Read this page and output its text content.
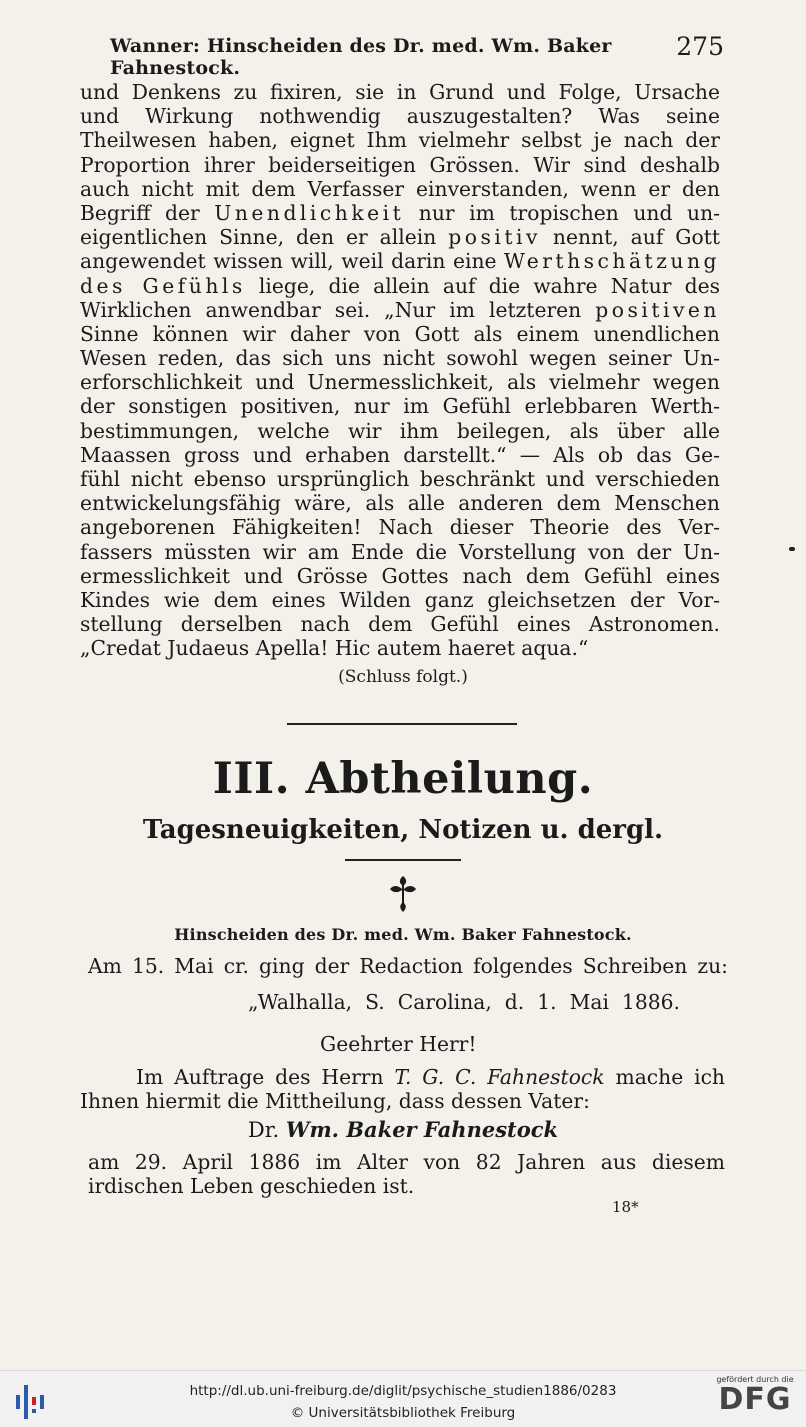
Wanner: Hinscheiden des Dr. med. Wm. Baker Fahnestock.
275
und Denkens zu fixiren, sie in Grund und Folge, Ursache
und Wirkung nothwendig auszugestalten? Was seine
Theilwesen haben, eignet Ihm vielmehr selbst je nach der
Proportion ihrer beiderseitigen Grössen. Wir sind deshalb
auch nicht mit dem Verfasser einverstanden, wenn er den
Begriff der Unendlichkeit nur im tropischen und un-
eigentlichen Sinne, den er allein positiv nennt, auf Gott
angewendet wissen will, weil darin eine Werthschätzung
des Gefühls liege, die allein auf die wahre Natur des
Wirklichen anwendbar sei. „Nur im letzteren positiven
Sinne können wir daher von Gott als einem unendlichen
Wesen reden, das sich uns nicht sowohl wegen seiner Un-
erforschlichkeit und Unermesslichkeit, als vielmehr wegen
der sonstigen positiven, nur im Gefühl erlebbaren Werth-
bestimmungen, welche wir ihm beilegen, als über alle
Maassen gross und erhaben darstellt.“ — Als ob das Ge-
fühl nicht ebenso ursprünglich beschränkt und verschieden
entwickelungsfähig wäre, als alle anderen dem Menschen
angeborenen Fähigkeiten! Nach dieser Theorie des Ver-
fassers müssten wir am Ende die Vorstellung von der Un-
ermesslichkeit und Grösse Gottes nach dem Gefühl eines
Kindes wie dem eines Wilden ganz gleichsetzen der Vor-
stellung derselben nach dem Gefühl eines Astronomen.
„Credat Judaeus Apella! Hic autem haeret aqua.“
(Schluss folgt.)
III. Abtheilung.
Tagesneuigkeiten, Notizen u. dergl.
Hinscheiden des Dr. med. Wm. Baker Fahnestock.
Am 15. Mai cr. ging der Redaction folgendes Schreiben zu:
„Walhalla, S. Carolina, d. 1. Mai 1886.
Geehrter Herr!
Im Auftrage des Herrn T. G. C. Fahnestock mache ich
Ihnen hiermit die Mittheilung, dass dessen Vater:
Dr. Wm. Baker Fahnestock
am 29. April 1886 im Alter von 82 Jahren aus diesem
irdischen Leben geschieden ist.
18*
http://dl.ub.uni-freiburg.de/diglit/psychische_studien1886/0283
© Universitätsbibliothek Freiburg
gefördert durch die
DFG
